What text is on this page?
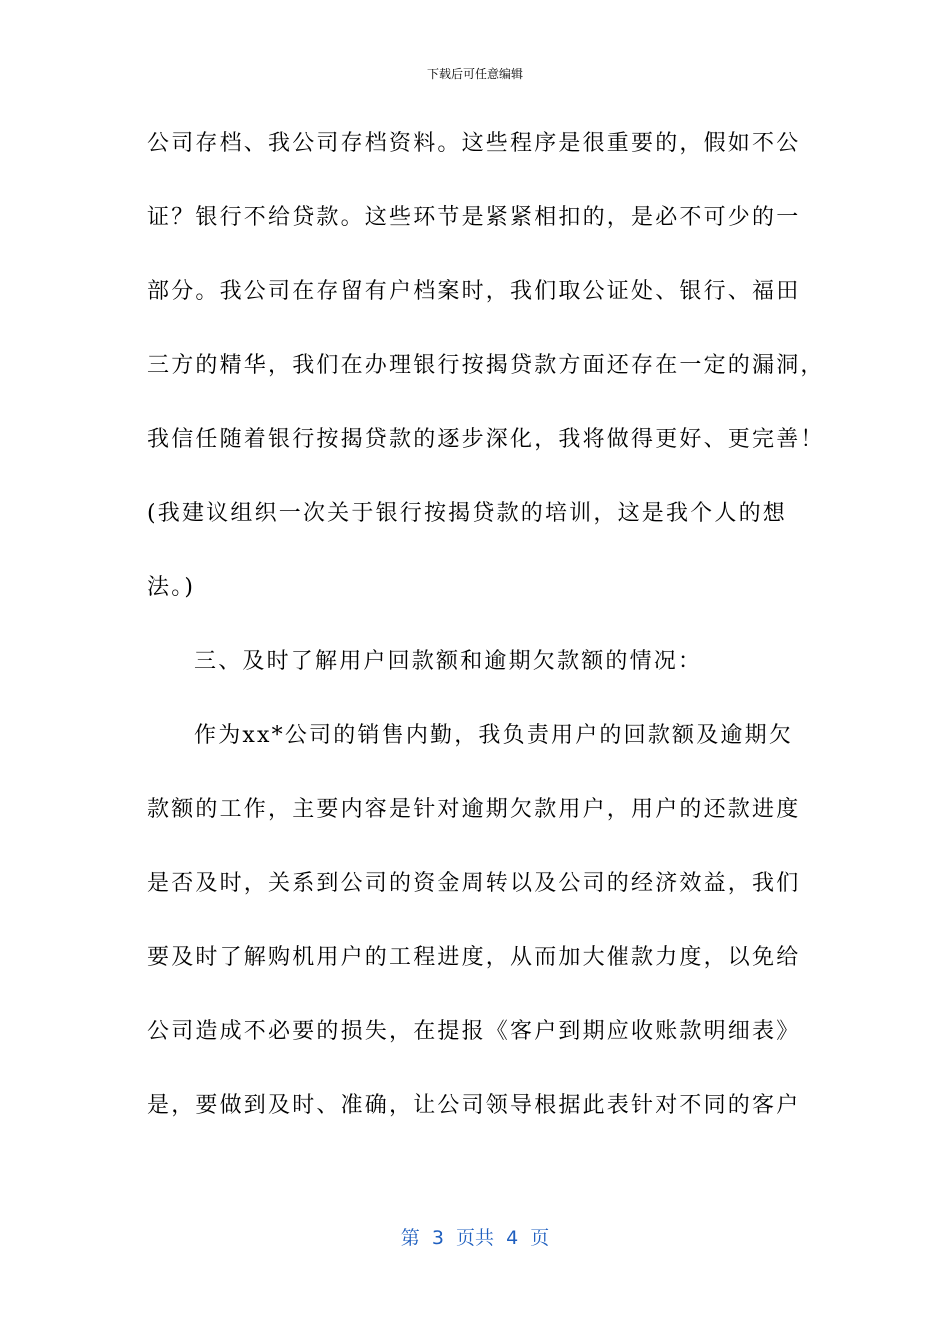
下载后可任意编辑
公司存档、我公司存档资料。这些程序是很重要的，假如不公
证？银行不给贷款。这些环节是紧紧相扣的，是必不可少的一
部分。我公司在存留有户档案时，我们取公证处、银行、福田
三方的精华，我们在办理银行按揭贷款方面还存在一定的漏洞，
我信任随着银行按揭贷款的逐步深化，我将做得更好、更完善！
(我建议组织一次关于银行按揭贷款的培训，这是我个人的想
法。)
三、及时了解用户回款额和逾期欠款额的情况：
作为xx*公司的销售内勤，我负责用户的回款额及逾期欠
款额的工作，主要内容是针对逾期欠款用户，用户的还款进度
是否及时，关系到公司的资金周转以及公司的经济效益，我们
要及时了解购机用户的工程进度，从而加大催款力度，以免给
公司造成不必要的损失，在提报《客户到期应收账款明细表》
是，要做到及时、准确，让公司领导根据此表针对不同的客户
第  3  页共  4  页
